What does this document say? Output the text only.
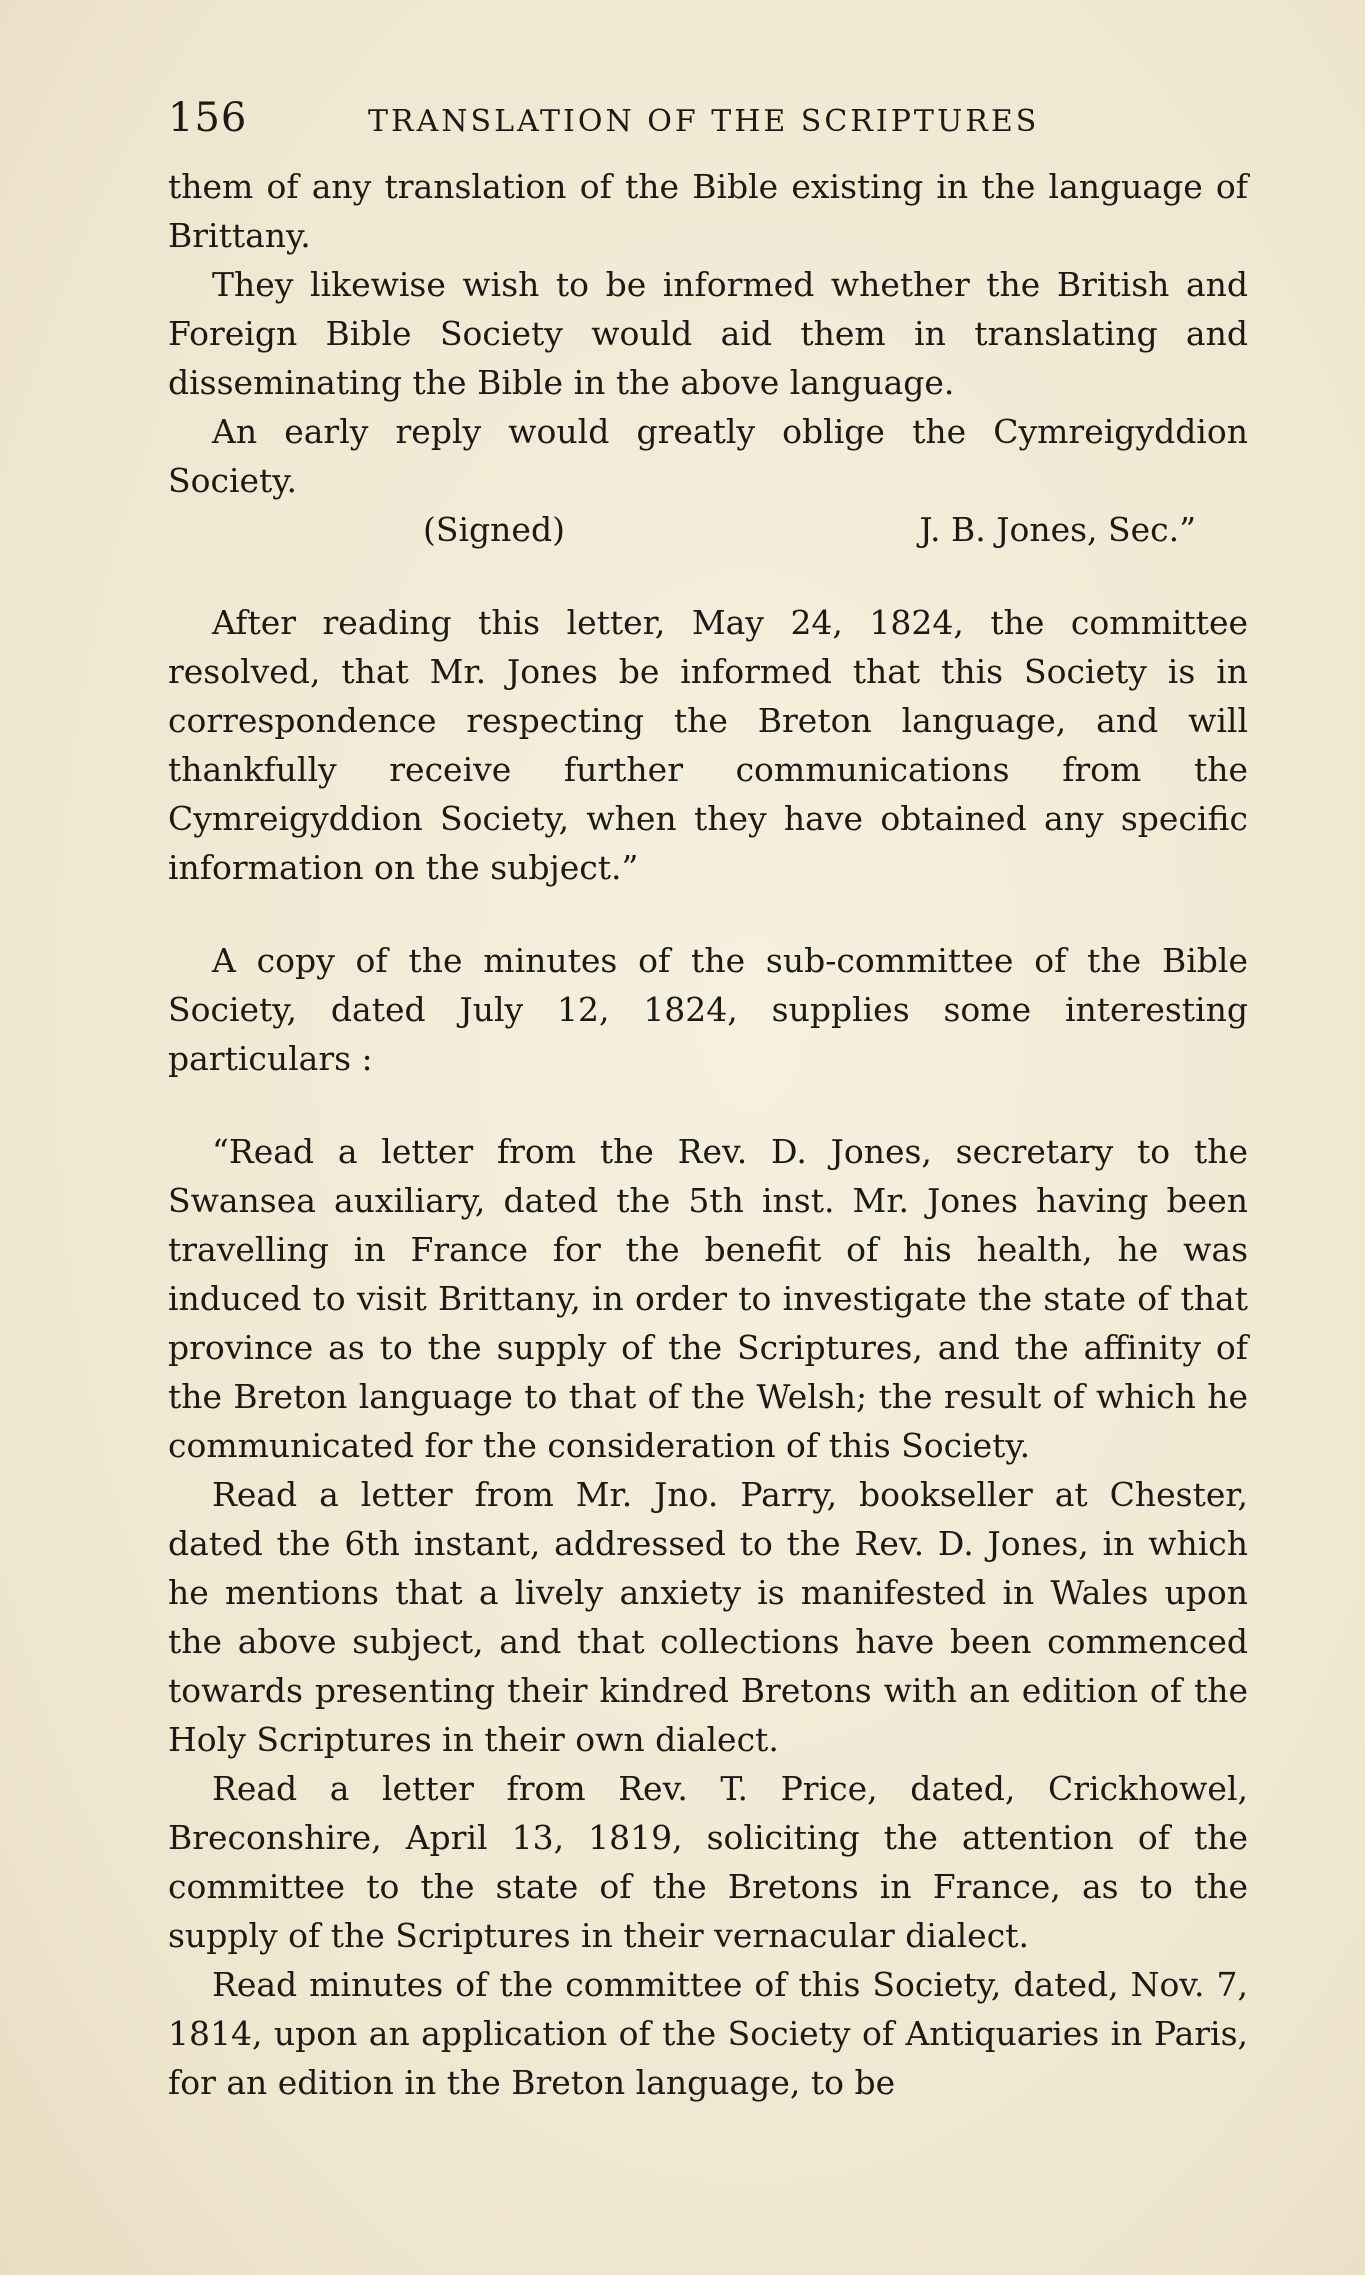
156	TRANSLATION OF THE SCRIPTURES

them of any translation of the Bible existing in the language of Brittany.

They likewise wish to be informed whether the British and Foreign Bible Society would aid them in translating and disseminating the Bible in the above language.

An early reply would greatly oblige the Cymreigyddion Society.

(Signed)	J. B. Jones, Sec.”

After reading this letter, May 24, 1824, the committee resolved, that Mr. Jones be informed that this Society is in correspondence respecting the Breton language, and will thankfully receive further communications from the Cymreigyddion Society, when they have obtained any specific information on the subject.”

A copy of the minutes of the sub-committee of the Bible Society, dated July 12, 1824, supplies some interesting particulars :

“Read a letter from the Rev. D. Jones, secretary to the Swansea auxiliary, dated the 5th inst. Mr. Jones having been travelling in France for the benefit of his health, he was induced to visit Brittany, in order to investigate the state of that province as to the supply of the Scriptures, and the affinity of the Breton language to that of the Welsh; the result of which he communicated for the consideration of this Society.

Read a letter from Mr. Jno. Parry, bookseller at Chester, dated the 6th instant, addressed to the Rev. D. Jones, in which he mentions that a lively anxiety is manifested in Wales upon the above subject, and that collections have been commenced towards presenting their kindred Bretons with an edition of the Holy Scriptures in their own dialect.

Read a letter from Rev. T. Price, dated, Crickhowel, Breconshire, April 13, 1819, soliciting the attention of the committee to the state of the Bretons in France, as to the supply of the Scriptures in their vernacular dialect.

Read minutes of the committee of this Society, dated, Nov. 7, 1814, upon an application of the Society of Antiquaries in Paris, for an edition in the Breton language, to be
